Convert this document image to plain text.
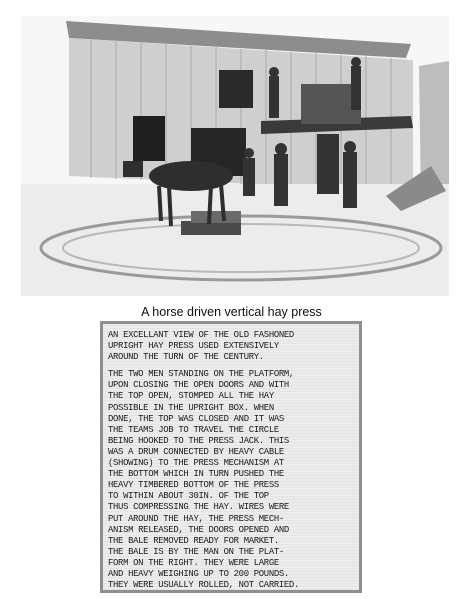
A horse driven vertical hay press
AN EXCELLANT VIEW OF THE OLD FASHONED
UPRIGHT HAY PRESS USED EXTENSIVELY
AROUND THE TURN OF THE CENTURY.
THE TWO MEN STANDING ON THE PLATFORM,
UPON CLOSING THE OPEN DOORS AND WITH
THE TOP OPEN, STOMPED ALL THE HAY
POSSIBLE IN THE UPRIGHT BOX. WHEN
DONE, THE TOP WAS CLOSED AND IT WAS
THE TEAMS JOB TO TRAVEL THE CIRCLE
BEING HOOKED TO THE PRESS JACK. THIS
WAS A DRUM CONNECTED BY HEAVY CABLE
(SHOWING) TO THE PRESS MECHANISM AT
THE BOTTOM WHICH IN TURN PUSHED THE
HEAVY TIMBERED BOTTOM OF THE PRESS
TO WITHIN ABOUT 30IN. OF THE TOP
THUS COMPRESSING THE HAY. WIRES WERE
PUT AROUND THE HAY, THE PRESS MECH-
ANISM RELEASED, THE DOORS OPENED AND
THE BALE REMOVED READY FOR MARKET.
THE BALE IS BY THE MAN ON THE PLAT-
FORM ON THE RIGHT. THEY WERE LARGE
AND HEAVY WEIGHING UP TO 200 POUNDS.
THEY WERE USUALLY ROLLED, NOT CARRIED.
